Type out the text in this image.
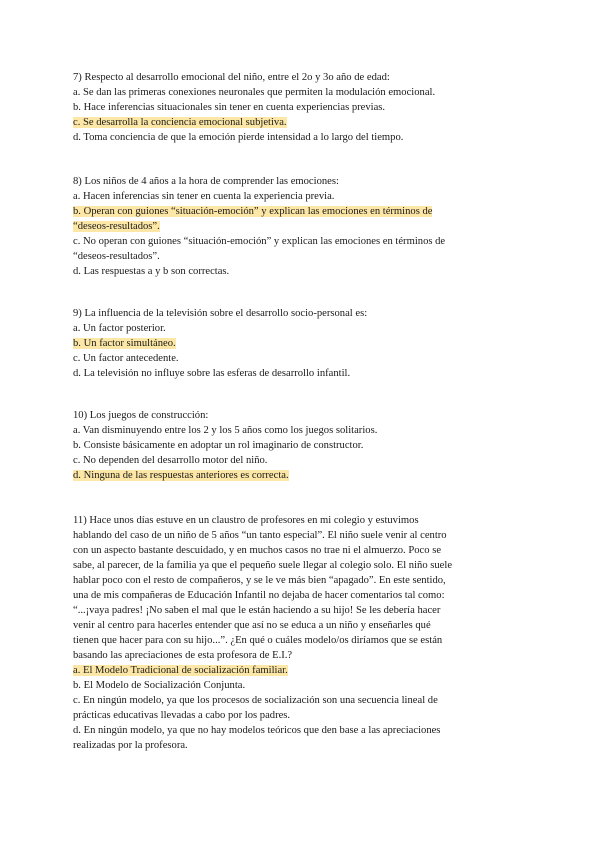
7) Respecto al desarrollo emocional del niño, entre el 2o y 3o año de edad:
a. Se dan las primeras conexiones neuronales que permiten la modulación emocional.
b. Hace inferencias situacionales sin tener en cuenta experiencias previas.
c. Se desarrolla la conciencia emocional subjetiva.
d. Toma conciencia de que la emoción pierde intensidad a lo largo del tiempo.
8) Los niños de 4 años a la hora de comprender las emociones:
a. Hacen inferencias sin tener en cuenta la experiencia previa.
b. Operan con guiones “situación-emoción” y explican las emociones en términos de
“deseos-resultados”.
c. No operan con guiones “situación-emoción” y explican las emociones en términos de
“deseos-resultados”.
d. Las respuestas a y b son correctas.
9) La influencia de la televisión sobre el desarrollo socio-personal es:
a. Un factor posterior.
b. Un factor simultáneo.
c. Un factor antecedente.
d. La televisión no influye sobre las esferas de desarrollo infantil.
10) Los juegos de construcción:
a. Van disminuyendo entre los 2 y los 5 años como los juegos solitarios.
b. Consiste básicamente en adoptar un rol imaginario de constructor.
c. No dependen del desarrollo motor del niño.
d. Ninguna de las respuestas anteriores es correcta.
11) Hace unos días estuve en un claustro de profesores en mi colegio y estuvimos
hablando del caso de un niño de 5 años “un tanto especial”. El niño suele venir al centro
con un aspecto bastante descuidado, y en muchos casos no trae ni el almuerzo. Poco se
sabe, al parecer, de la familia ya que el pequeño suele llegar al colegio solo. El niño suele
hablar poco con el resto de compañeros, y se le ve más bien “apagado”. En este sentido,
una de mis compañeras de Educación Infantil no dejaba de hacer comentarios tal como:
“...¡vaya padres! ¡No saben el mal que le están haciendo a su hijo! Se les debería hacer
venir al centro para hacerles entender que así no se educa a un niño y enseñarles qué
tienen que hacer para con su hijo...”. ¿En qué o cuáles modelo/os diríamos que se están
basando las apreciaciones de esta profesora de E.I.?
a. El Modelo Tradicional de socialización familiar.
b. El Modelo de Socialización Conjunta.
c. En ningún modelo, ya que los procesos de socialización son una secuencia lineal de
prácticas educativas llevadas a cabo por los padres.
d. En ningún modelo, ya que no hay modelos teóricos que den base a las apreciaciones
realizadas por la profesora.
